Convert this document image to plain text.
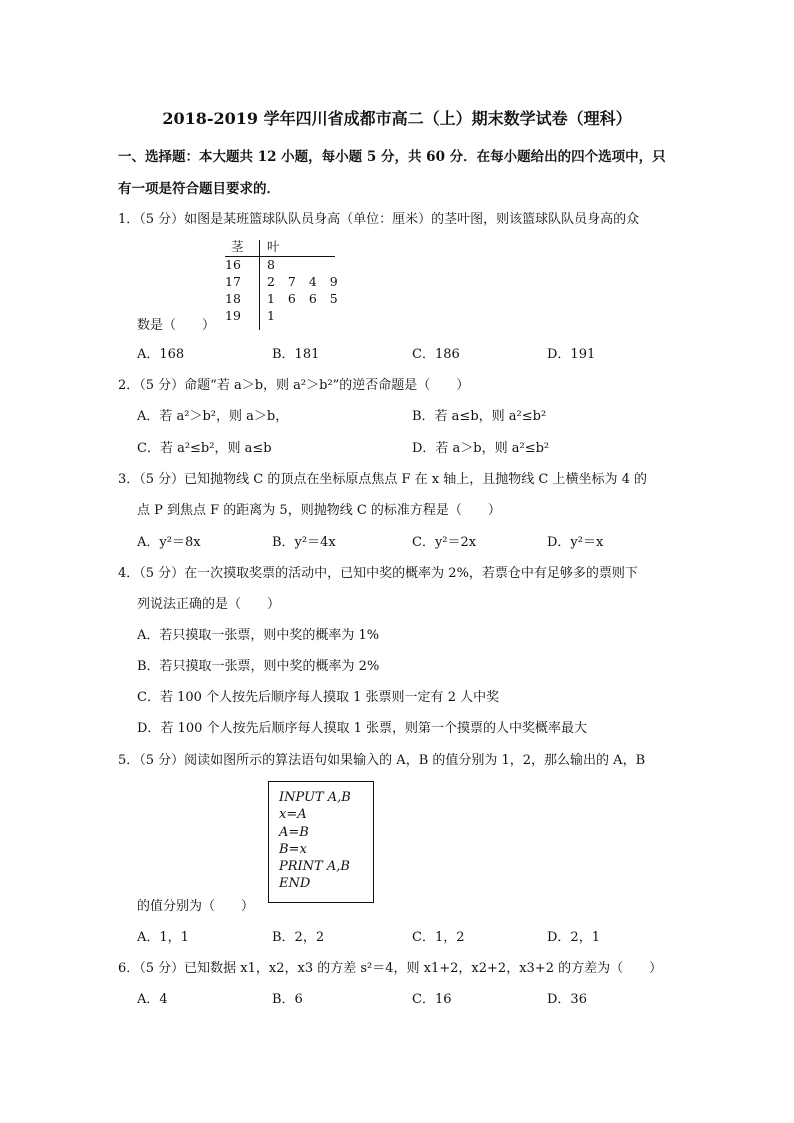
2018-2019 学年四川省成都市高二（上）期末数学试卷（理科）
一、选择题：本大题共 12 小题，每小题 5 分，共 60 分．在每小题给出的四个选项中，只
有一项是符合题目要求的．
1．（5 分）如图是某班篮球队队员身高（单位：厘米）的茎叶图，则该篮球队队员身高的众
茎	叶
16	8
17	2 7 4 9
18	1 6 6 5
19	1
数是（　　）
A．168	B．181	C．186	D．191
2．（5 分）命题“若 a＞b，则 a²＞b²”的逆否命题是（　　）
A．若 a²＞b²，则 a＞b，	B．若 a≤b，则 a²≤b²
C．若 a²≤b²，则 a≤b	D．若 a＞b，则 a²≤b²
3．（5 分）已知抛物线 C 的顶点在坐标原点焦点 F 在 x 轴上，且抛物线 C 上横坐标为 4 的
点 P 到焦点 F 的距离为 5，则抛物线 C 的标准方程是（　　）
A．y²＝8x	B．y²＝4x	C．y²＝2x	D．y²＝x
4．（5 分）在一次摸取奖票的活动中，已知中奖的概率为 2%，若票仓中有足够多的票则下
列说法正确的是（　　）
A．若只摸取一张票，则中奖的概率为 1%
B．若只摸取一张票，则中奖的概率为 2%
C．若 100 个人按先后顺序每人摸取 1 张票则一定有 2 人中奖
D．若 100 个人按先后顺序每人摸取 1 张票，则第一个摸票的人中奖概率最大
5．（5 分）阅读如图所示的算法语句如果输入的 A，B 的值分别为 1，2，那么输出的 A，B
INPUT A,B
x=A
A=B
B=x
PRINT A,B
END
的值分别为（　　）
A．1，1	B．2，2	C．1，2	D．2，1
6．（5 分）已知数据 x1，x2，x3 的方差 s²＝4，则 x1+2，x2+2，x3+2 的方差为（　　）
A．4	B．6	C．16	D．36
